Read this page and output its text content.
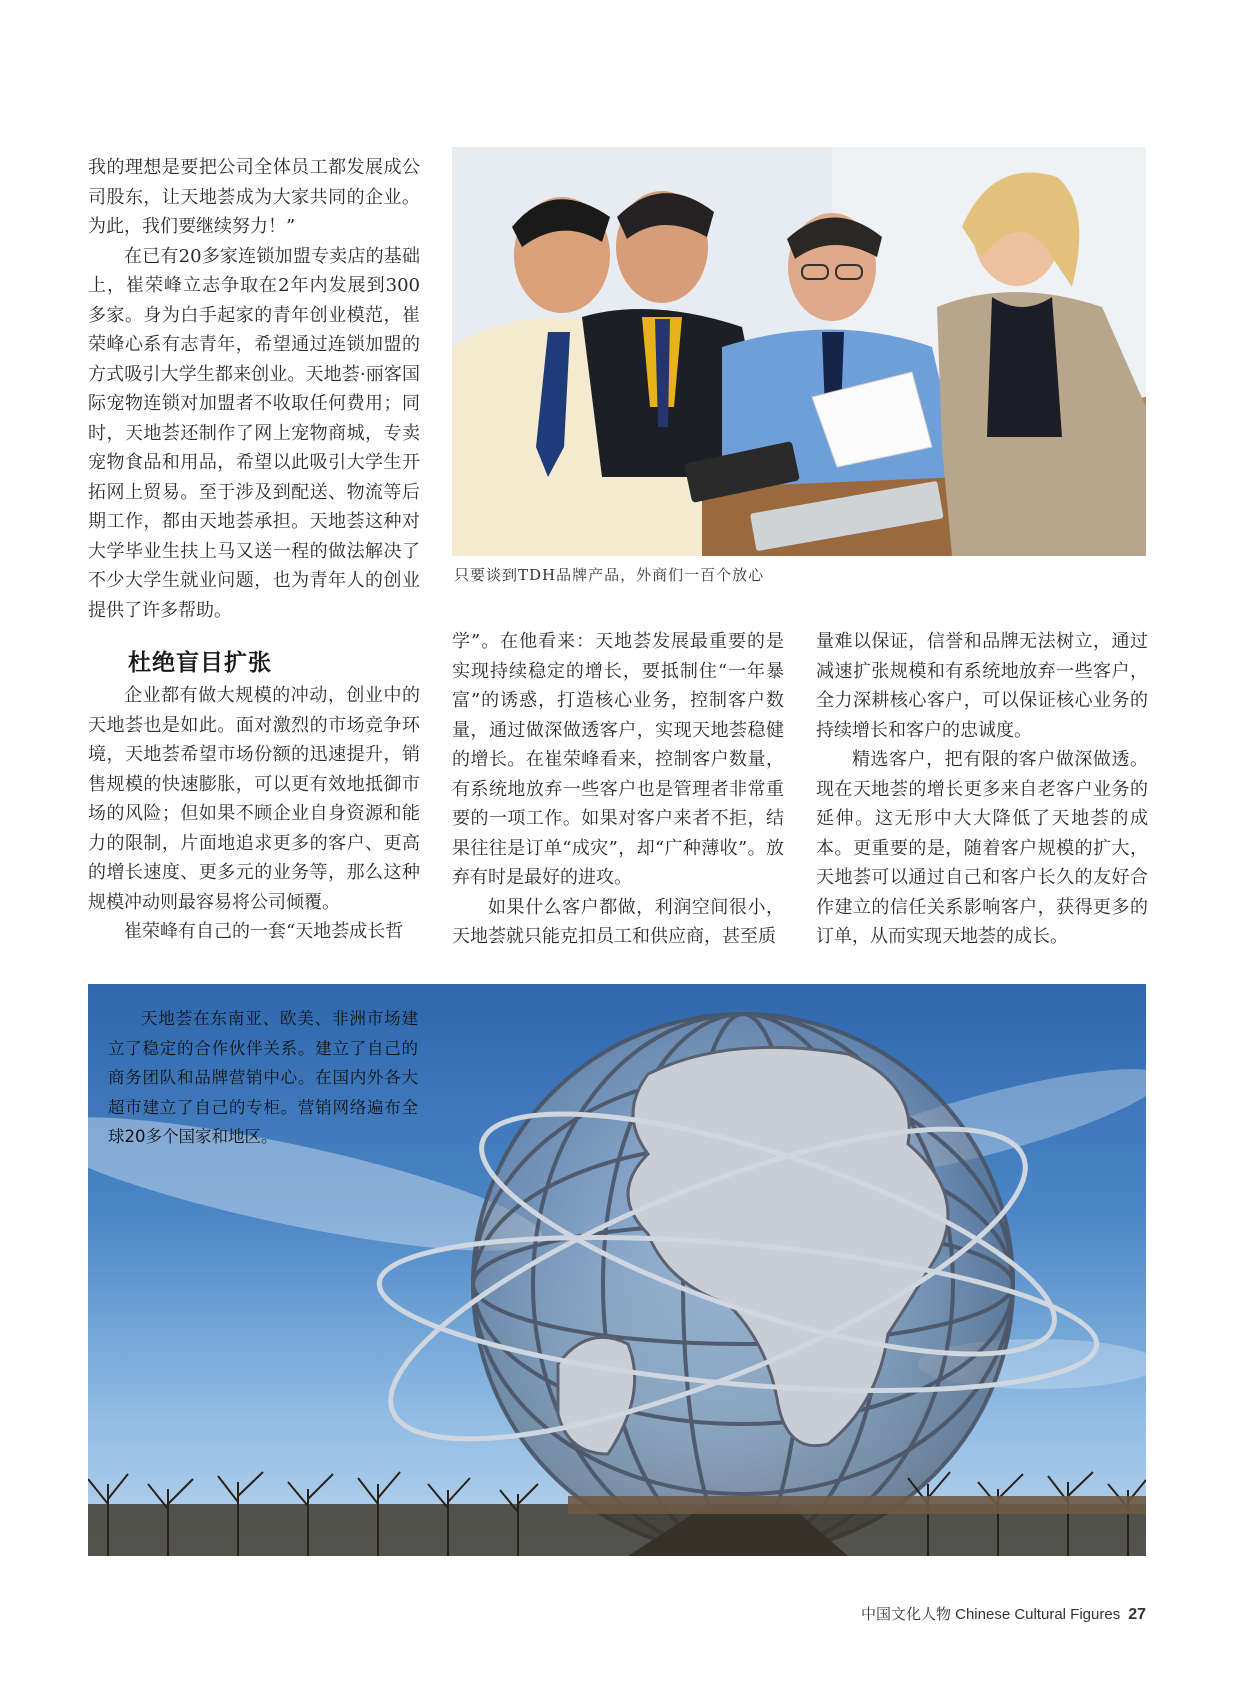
我的理想是要把公司全体员工都发展成公司股东，让天地荟成为大家共同的企业。为此，我们要继续努力！”

在已有20多家连锁加盟专卖店的基础上，崔荣峰立志争取在2年内发展到300多家。身为白手起家的青年创业模范，崔荣峰心系有志青年，希望通过连锁加盟的方式吸引大学生都来创业。天地荟·丽客国际宠物连锁对加盟者不收取任何费用；同时，天地荟还制作了网上宠物商城，专卖宠物食品和用品，希望以此吸引大学生开拓网上贸易。至于涉及到配送、物流等后期工作，都由天地荟承担。天地荟这种对大学毕业生扶上马又送一程的做法解决了不少大学生就业问题，也为青年人的创业提供了许多帮助。

只要谈到TDH品牌产品，外商们一百个放心

杜绝盲目扩张

企业都有做大规模的冲动，创业中的天地荟也是如此。面对激烈的市场竞争环境，天地荟希望市场份额的迅速提升，销售规模的快速膨胀，可以更有效地抵御市场的风险；但如果不顾企业自身资源和能力的限制，片面地追求更多的客户、更高的增长速度、更多元的业务等，那么这种规模冲动则最容易将公司倾覆。

崔荣峰有自己的一套“天地荟成长哲

学”。在他看来：天地荟发展最重要的是实现持续稳定的增长，要抵制住“一年暴富”的诱惑，打造核心业务，控制客户数量，通过做深做透客户，实现天地荟稳健的增长。在崔荣峰看来，控制客户数量，有系统地放弃一些客户也是管理者非常重要的一项工作。如果对客户来者不拒，结果往往是订单“成灾”，却“广种薄收”。放弃有时是最好的进攻。

如果什么客户都做，利润空间很小，天地荟就只能克扣员工和供应商，甚至质

量难以保证，信誉和品牌无法树立，通过减速扩张规模和有系统地放弃一些客户，全力深耕核心客户，可以保证核心业务的持续增长和客户的忠诚度。

精选客户，把有限的客户做深做透。现在天地荟的增长更多来自老客户业务的延伸。这无形中大大降低了天地荟的成本。更重要的是，随着客户规模的扩大，天地荟可以通过自己和客户长久的友好合作建立的信任关系影响客户，获得更多的订单，从而实现天地荟的成长。

天地荟在东南亚、欧美、非洲市场建立了稳定的合作伙伴关系。建立了自己的商务团队和品牌营销中心。在国内外各大超市建立了自己的专柜。营销网络遍布全球20多个国家和地区。

中国文化人物 Chinese Cultural Figures 27
